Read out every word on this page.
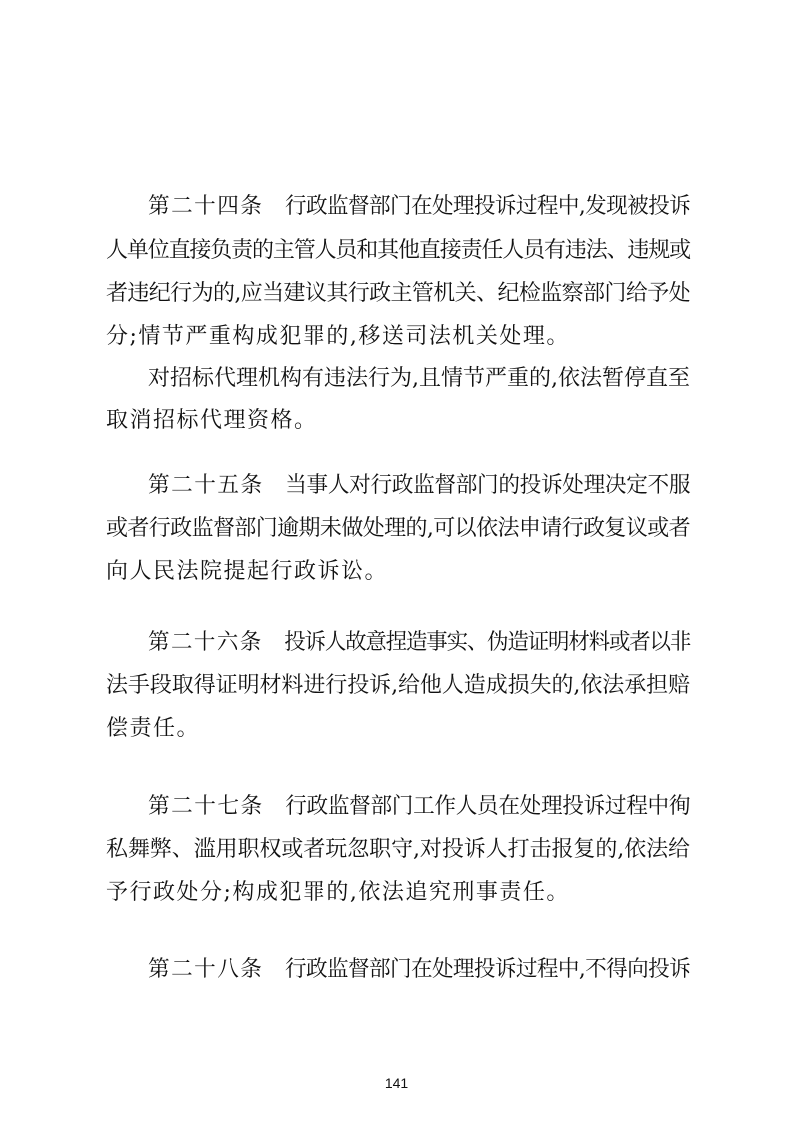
第二十四条 行政监督部门在处理投诉过程中,发现被投诉
人单位直接负责的主管人员和其他直接责任人员有违法、违规或
者违纪行为的,应当建议其行政主管机关、纪检监察部门给予处
分;情节严重构成犯罪的,移送司法机关处理。
对招标代理机构有违法行为,且情节严重的,依法暂停直至
取消招标代理资格。
第二十五条 当事人对行政监督部门的投诉处理决定不服
或者行政监督部门逾期未做处理的,可以依法申请行政复议或者
向人民法院提起行政诉讼。
第二十六条 投诉人故意捏造事实、伪造证明材料或者以非
法手段取得证明材料进行投诉,给他人造成损失的,依法承担赔
偿责任。
第二十七条 行政监督部门工作人员在处理投诉过程中徇
私舞弊、滥用职权或者玩忽职守,对投诉人打击报复的,依法给
予行政处分;构成犯罪的,依法追究刑事责任。
第二十八条 行政监督部门在处理投诉过程中,不得向投诉
141
